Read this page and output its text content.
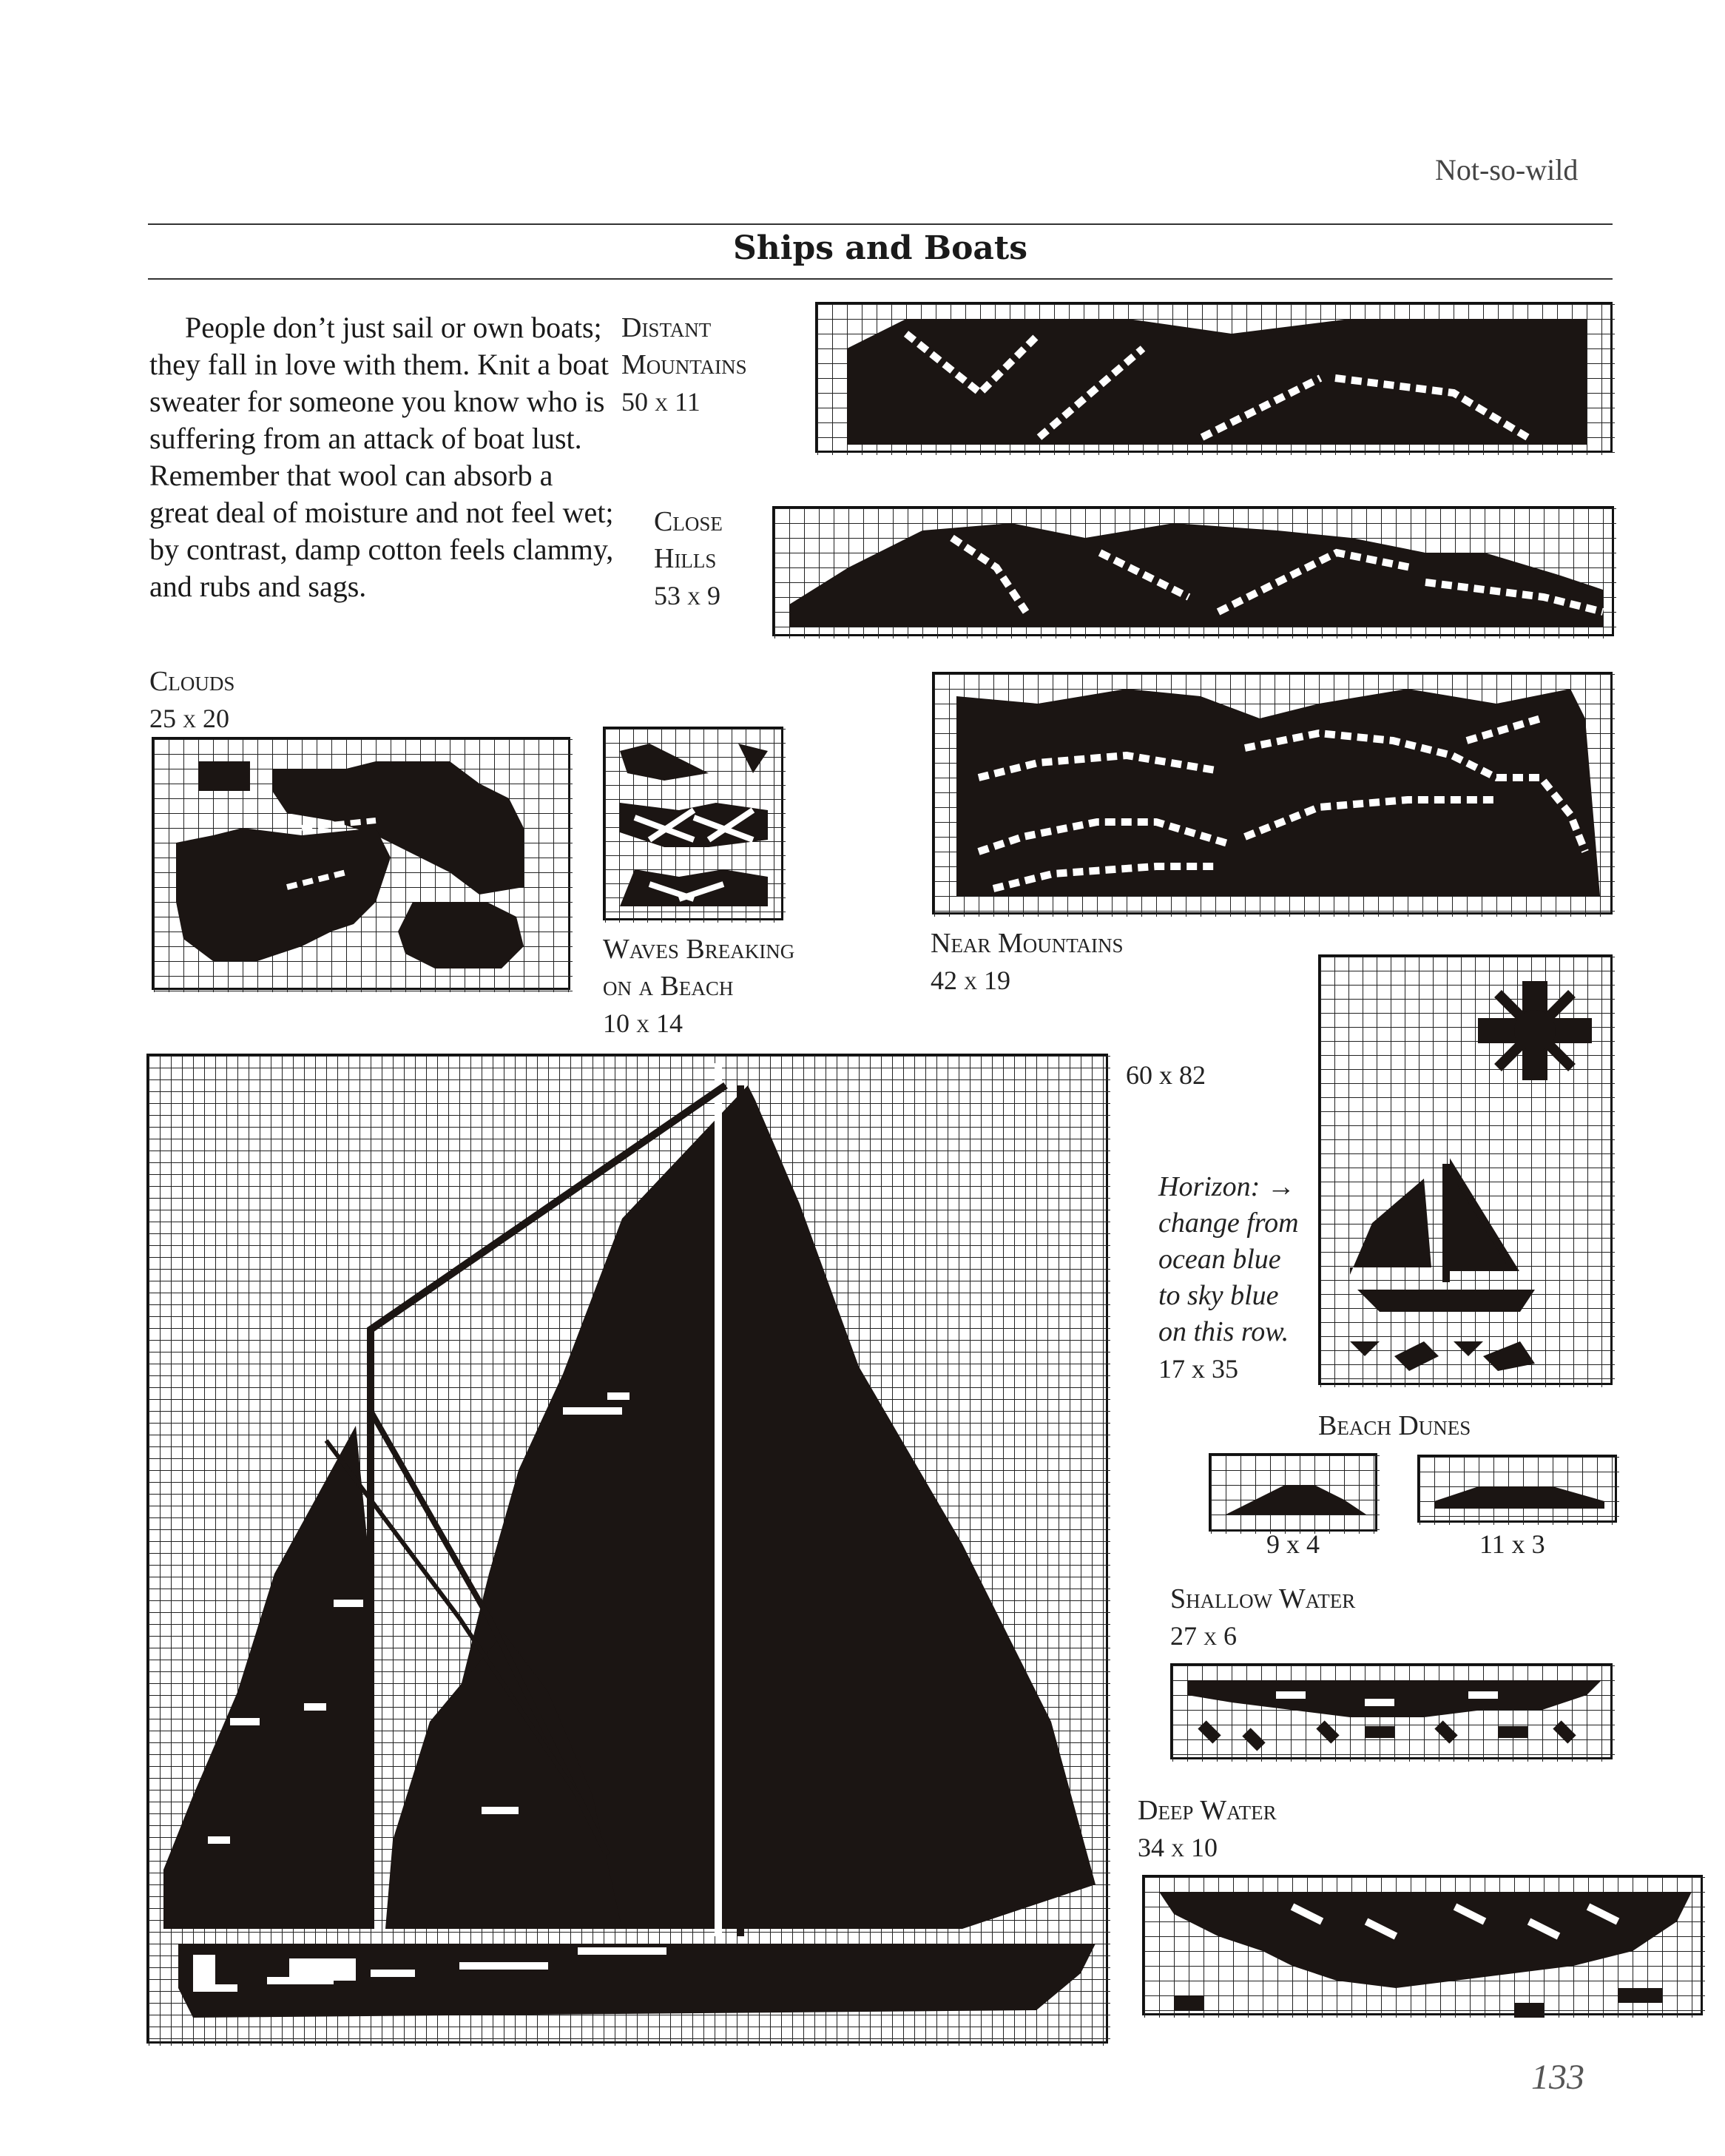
Not-so-wild
Ships and Boats
People don’t just sail or own boats; they fall in love with them. Knit a boat sweater for someone you know who is suffering from an attack of boat lust. Remember that wool can absorb a great deal of moisture and not feel wet; by contrast, damp cotton feels clammy, and rubs and sags.
Distant
Mountains
50 x 11
Close
Hills
53 x 9
Clouds
25 x 20
Waves Breaking
on a Beach
10 x 14
Near Mountains
42 x 19
60 x 82
Horizon: →
change from
ocean blue
to sky blue
on this row.
17 x 35
Beach Dunes
9 x 4	11 x 3
Shallow Water
27 x 6
Deep Water
34 x 10
133
